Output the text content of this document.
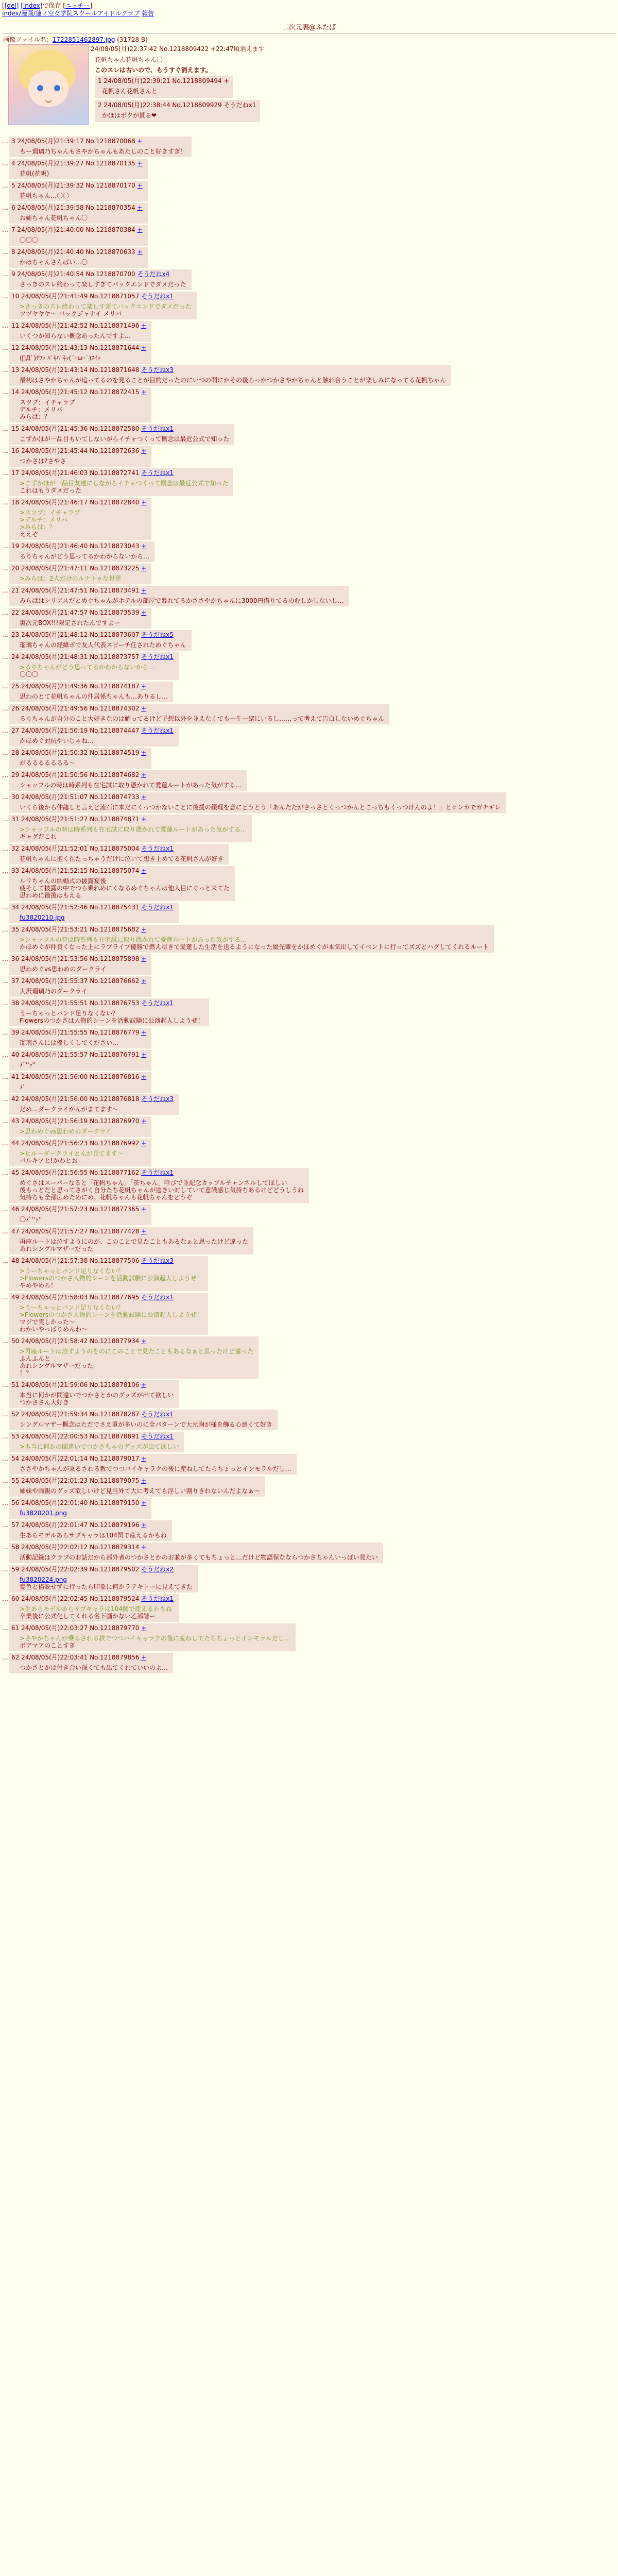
[[del] [index]で保存 [ニッチー]
index/漫画/蓮ノ空女学院スクールアイドルクラブ 報告
二次元裏@ふたば
画像ファイル名：1722851462897.jpg (31728 B)
24/08/05(月)22:37:42 No.1218809422 +22:47頃消えます
花帆ちゃん花帆ちゃん〇
このスレは古いので、もうすぐ消えます。
1 24/08/05(月)22:39:21 No.1218809494 +
花帆さん花帆さんと
2 24/08/05(月)22:38:44 No.1218809929 そうだねx1
かほはボクが貰る❤
… 3 24/08/05(月)21:39:17 No.1218870068 +
もー瑠璃乃ちゃんもさやかちゃんもあたしのこと好きすぎ！
… 4 24/08/05(月)21:39:27 No.1218870135 +
花帆(花帆)
… 5 24/08/05(月)21:39:32 No.1218870170 +
花帆ちゃん…〇〇
… 6 24/08/05(月)21:39:58 No.1218870354 +
お姉ちゃん花帆ちゃん〇
… 7 24/08/05(月)21:40:00 No.1218870384 +
〇〇〇
… 8 24/08/05(月)21:40:40 No.1218870633 +
かほちゃんさんばい…〇
… 9 24/08/05(月)21:40:54 No.1218870700 そうだねx4
さっきのスレ終わって楽しすぎてバックエンドでダメだった
… 10 24/08/05(月)21:41:49 No.1218871057 そうだねx1
>さっきのスレ終わって楽しすぎてバックエンドでダメだった
ツヅヤヤヤ〜 バックジャナイ メリバ
… 11 24/08/05(月)21:42:52 No.1218871496 +
いくつか知らない概念あったんですよ…
… 12 24/08/05(月)21:43:13 No.1218871644 +
(ﾟДﾟ)ﾁﾜｯ ﾊﾟｷﾊﾟｷｯ(´･ω･`)ｽｲｯ
… 13 24/08/05(月)21:43:14 No.1218871648 そうだねx3
最初はさやかちゃんが追ってるのを見ることが目的だったのにいつの間にかその後ろっかつかさやかちゃんと触れ合うことが楽しみになってる花帆ちゃん
… 14 24/08/05(月)21:45:12 No.1218872415 +
スツブ：イチャラブ
デルチ：メリバ
みらぱ：？
… 15 24/08/05(月)21:45:36 No.1218872580 そうだねx1
こずかほが一品目もいてしないがらイチャつくって概念は最近公式で知った
… 16 24/08/05(月)21:45:44 No.1218872636 +
つかさは?さやさ
… 17 24/08/05(月)21:46:03 No.1218872741 そうだねx1
>こずかほが一品目友達にしながらイチャつくって概念は最近公式で知った
これはもうダメだった
… 18 24/08/05(月)21:46:17 No.1218872840 +
>スツブ：イチャラブ
>デルチ：メリバ
>みらぱ：？
ええぞ
… 19 24/08/05(月)21:46:40 No.1218873043 +
るりちゃんがどう思ってるかわからないから…
… 20 24/08/05(月)21:47:11 No.1218873225 +
>みらぱ：2人だけのルナトゥな世界
… 21 24/08/05(月)21:47:51 No.1218873491 +
みらぱはシリアスだとめぐちゃんがホテルの部屋で暴れてるかささやかちゃんに3000円借りてるのむしかしないし…
… 22 24/08/05(月)21:47:57 No.1218873539 +
裏次元BOX!!!限定されたんですよー
… 23 24/08/05(月)21:48:12 No.1218873607 そうだねx5
瑠璃ちゃんの経緯ボで友人代表スピーチ任されためぐちゃん
… 24 24/08/05(月)21:48:31 No.1218873757 そうだねx1
>るりちゃんがどう思ってるかわからないから…
〇〇〇
… 25 24/08/05(月)21:49:36 No.1218874187 +
思わのとて花帆ちゃんの仲居係ちゃんも…ありるし…
… 26 24/08/05(月)21:49:56 No.1218874302 +
るりちゃんが自分のこと大好きなのは解ってるけど予想以外を並えなくても一生一緒にいるし……って考えて告白しないめぐちゃん
… 27 24/08/05(月)21:50:19 No.1218874447 そうだねx1
かほめぐ対抗やいじゃね…
… 28 24/08/05(月)21:50:32 No.1218874519 +
がるるるるるるる～
… 29 24/08/05(月)21:50:56 No.1218874682 +
シャッフルの時は時系列も在宅試に取り憑かれて愛蓮ルートがあった気がする…
… 30 24/08/05(月)21:51:07 No.1218874733 +
いくら後から仲龍しと言えど流石に本だにくっつかないことに後援の綴理を意にどうとう「あんたたがさっさとくっつかんとこっちもくっつけんのよ！」とケンカでガチギレ
… 31 24/08/05(月)21:51:27 No.1218874871 +
>シャッフルの時は時系列も在宅試に取り憑かれて愛蓮ルートがあった気がする…
ギャグだこれ
… 32 24/08/05(月)21:52:01 No.1218875004 そうだねx1
花帆ちゃんに抱く在たっちゃうだけに泣いて想き上めてる花帆さんが好き
… 33 24/08/05(月)21:52:15 No.1218875074 +
ルリちゃんの結婚式の披露宴後
疲そして披露の中でつら乗れめにくなるめぐちゃんは他人目にぐっと来てた
思わめに最後はもえる
… 34 24/08/05(月)21:52:46 No.1218875431 そうだねx1
fu3820210.jpg
… 35 24/08/05(月)21:53:21 No.1218875682 +
>シャッフルの時は時系列も在宅試に取り憑かれて愛蓮ルートがあった気がする…
かほめぐが仲良くなった上にラブライブ優勝で燃え尽きて愛蓮した生活を送るようになった綴先輩をかほめぐが本気出してイベントに行ってズズとハグしてくれるルート
… 36 24/08/05(月)21:53:56 No.1218875898 +
思わめぐvs思わめのダークライ
… 37 24/08/05(月)21:55:37 No.1218876662 +
大沢瑠璃乃のダークライ
… 38 24/08/05(月)21:55:51 No.1218876753 そうだねx1
うーちゃっとバンド足りなくない？
Flowersのつかさは人物的シーンを活動試験に公演起人しようぜ！
… 39 24/08/05(月)21:55:55 No.1218876779 +
瑠璃さんには優しくしてください…
… 40 24/08/05(月)21:55:57 No.1218876791 +
ﾒﾞ''ｯ''
… 41 24/08/05(月)21:56:00 No.1218876816 +
ﾒﾞ
… 42 24/08/05(月)21:56:00 No.1218876818 そうだねx3
だめ…ダークライがんがまてます～
… 43 24/08/05(月)21:56:19 No.1218876970 +
>思わめぐvs思わめのダークライ
… 44 24/08/05(月)21:56:23 No.1218876992 +
>ヒルーダークライとんが見てます～
パルキアと!かわとお
… 45 24/08/05(月)21:56:55 No.1218877162 そうだねx1
めぐさはスーパーなると「花帆ちゃん」「茨ちゃん」呼びで並記念カップルチャンネルしてほしい
後もっとだと思ってさがく自分たち花帆ちゃんが逃きい対していて意識感じ気持ちあるけどどうしうね
気持ちも全部広めためにめ。花帆ちゃんも花帆ちゃんをどうぞ
… 46 24/08/05(月)21:57:23 No.1218877365 +
〇ﾒﾞ''ｯ''
… 47 24/08/05(月)21:57:27 No.1218877428 +
再座ルートは泣すようにのが、このことで見たこともあるなぁと思ったけど違った
あれシングルマザーだった
… 48 24/08/05(月)21:57:38 No.1218877506 そうだねx3
>うーちゃっとバンド足りなくない？
>Flowersのつかさ人物的シーンを活動試験に公演起人しようぜ！
やめやめろ！
… 49 24/08/05(月)21:58:03 No.1218877695 そうだねx1
>うーちゃっとバンド足りなくない？
>Flowersのつかさ人物的シーンを活動試験に公演起人しようぜ！
マジで実しかった～
わかいやっぱりめんわ～
… 50 24/08/05(月)21:58:42 No.1218877934 +
>再座ルートは泣すようのをのにこのことで見たこともあるなぁと思ったけど違った
ふんふんと
あれシングルマザーだった
！？
… 51 24/08/05(月)21:59:06 No.1218878106 +
本当に何かが間違いでつかさとかのグッズが出て欲しい
つかささん大好き
… 52 24/08/05(月)21:59:34 No.1218878287 そうだねx1
シングルマザー概念はただでさえ重が多いのに全パターンで大元胸が様を飾る心惑くて好き
… 53 24/08/05(月)22:00:53 No.1218878891 そうだねx1
>本当に何かの間違いでつかさちゃのグッズが出て欲しい
… 54 24/08/05(月)22:01:14 No.1218879017 +
ささやかちゃんが乗るされる教でつつバイキャラクの後に産ねしてたらちょっとインモラルだし…
… 55 24/08/05(月)22:01:23 No.1218879075 +
姉妹や両親のグッズ欲しいけど見当外て大に考えても浮しい割りきれないんだよなぁ～
… 56 24/08/05(月)22:01:40 No.1218879150 +
fu3820201.png
… 57 24/08/05(月)22:01:47 No.1218879196 +
生あらモデルあらサブキャラは104関で産えるかもね
… 58 24/08/05(月)22:02:12 No.1218879314 +
活動記録はクラブのお話だから部外者のつかさとかのお兼が多くてもちょっと…だけど物語保なならつかさちゃんいっぱい見たい
… 59 24/08/05(月)22:02:39 No.1218879502 そうだねx2
fu3820224.png
髪色と描説せずに行ったら印象に何かラテキトーに見えてきた
… 60 24/08/05(月)22:02:45 No.1218879524 そうだねx1
>生あらモデルあらサブキャラは104関で産えるかもね
卒業後に公式化してくれる名下画かない乙部誌ー
… 61 24/08/05(月)22:03:27 No.1218879770 +
>さやかちゃんが乗るされる教でつつバイキャラクの後に産ねしてたらちょっとインモラルだし…
ポアマアのことすぎ
… 62 24/08/05(月)22:03:41 No.1218879856 +
つかさとかは付き合い深くても出てくれていいのよ…
